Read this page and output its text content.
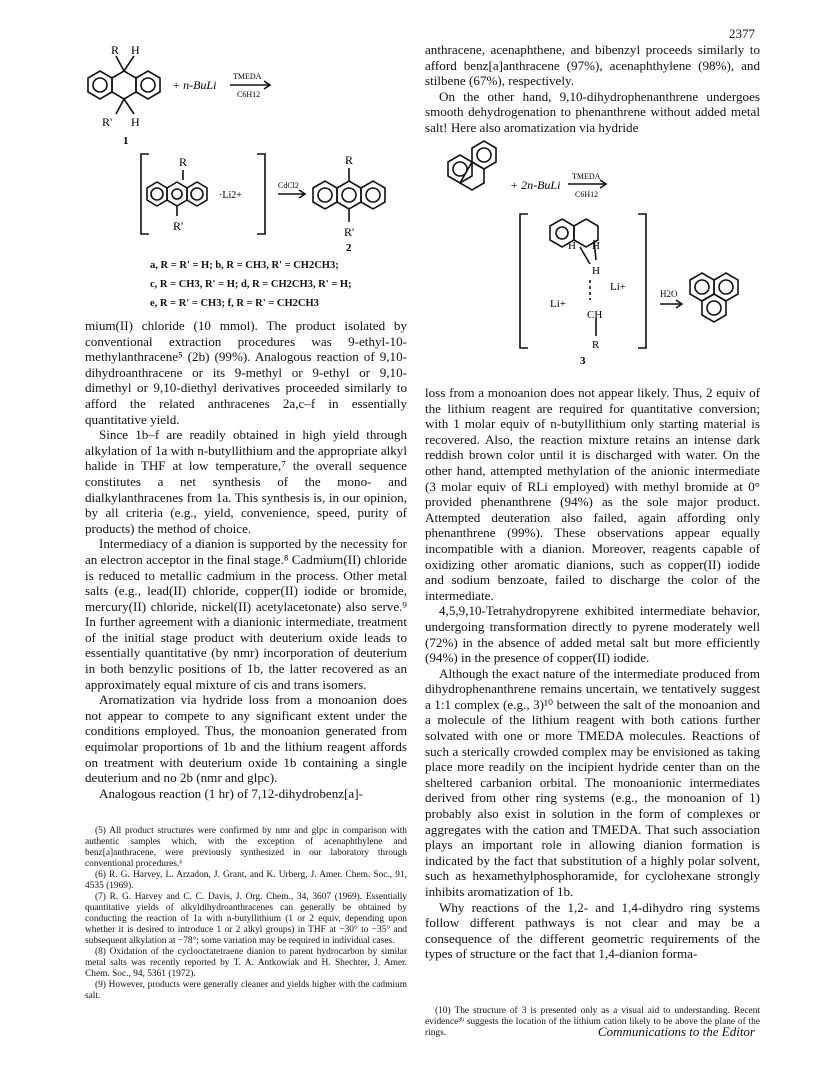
2377
R H
R' H
+ n-BuLi
TMEDA
C6H12
1
R
R'
·Li2+
CdCl2
R
R'
2
a, R = R' = H; b, R = CH3, R' = CH2CH3;
c, R = CH3, R' = H; d, R = CH2CH3, R' = H;
e, R = R' = CH3; f, R = R' = CH2CH3

mium(II) chloride (10 mmol). The product isolated by conventional extraction procedures was 9-ethyl-10-methylanthracene⁵ (2b) (99%). Analogous reaction of 9,10-dihydroanthracene or its 9-methyl or 9-ethyl or 9,10-dimethyl or 9,10-diethyl derivatives proceeded similarly to afford the related anthracenes 2a,c–f in essentially quantitative yield.

Since 1b–f are readily obtained in high yield through alkylation of 1a with n-butyllithium and the appropriate alkyl halide in THF at low temperature,⁷ the overall sequence constitutes a net synthesis of the mono- and dialkylanthracenes from 1a. This synthesis is, in our opinion, by all criteria (e.g., yield, convenience, speed, purity of products) the method of choice.

Intermediacy of a dianion is supported by the necessity for an electron acceptor in the final stage.⁸ Cadmium(II) chloride is reduced to metallic cadmium in the process. Other metal salts (e.g., lead(II) chloride, copper(II) iodide or bromide, mercury(II) chloride, nickel(II) acetylacetonate) also serve.⁹ In further agreement with a dianionic intermediate, treatment of the initial stage product with deuterium oxide leads to essentially quantitative (by nmr) incorporation of deuterium in both benzylic positions of 1b, the latter recovered as an approximately equal mixture of cis and trans isomers.

Aromatization via hydride loss from a monoanion does not appear to compete to any significant extent under the conditions employed. Thus, the monoanion generated from equimolar proportions of 1b and the lithium reagent affords on treatment with deuterium oxide 1b containing a single deuterium and no 2b (nmr and glpc).

Analogous reaction (1 hr) of 7,12-dihydrobenz[a]-

(5) All product structures were confirmed by nmr and glpc in comparison with authentic samples which, with the exception of acenaphthylene and benz[a]anthracene, were previously synthesized in our laboratory through conventional procedures.⁶

(6) R. G. Harvey, L. Arzadon, J. Grant, and K. Urberg, J. Amer. Chem. Soc., 91, 4535 (1969).

(7) R. G. Harvey and C. C. Davis, J. Org. Chem., 34, 3607 (1969). Essentially quantitative yields of alkyldihydroanthracenes can generally be obtained by conducting the reaction of 1a with n-butyllithium (1 or 2 equiv, depending upon whether it is desired to introduce 1 or 2 alkyl groups) in THF at −30° to −35° and subsequent alkylation at −78°; some variation may be required in individual cases.

(8) Oxidation of the cyclooctatetraene dianion to parent hydrocarbon by similar metal salts was recently reported by T. A. Antkowiak and H. Shechter, J. Amer. Chem. Soc., 94, 5361 (1972).

(9) However, products were generally cleaner and yields higher with the cadmium salt.

anthracene, acenaphthene, and bibenzyl proceeds similarly to afford benz[a]anthracene (97%), acenaphthylene (98%), and stilbene (67%), respectively.

On the other hand, 9,10-dihydrophenanthrene undergoes smooth dehydrogenation to phenanthrene without added metal salt! Here also aromatization via hydride

+ 2n-BuLi
TMEDA
C6H12
H H
H
Li+
Li+
CH
R
H2O
3

loss from a monoanion does not appear likely. Thus, 2 equiv of the lithium reagent are required for quantitative conversion; with 1 molar equiv of n-butyllithium only starting material is recovered. Also, the reaction mixture retains an intense dark reddish brown color until it is discharged with water. On the other hand, attempted methylation of the anionic intermediate (3 molar equiv of RLi employed) with methyl bromide at 0° provided phenanthrene (94%) as the sole major product. Attempted deuteration also failed, again affording only phenanthrene (99%). These observations appear equally incompatible with a dianion. Moreover, reagents capable of oxidizing other aromatic dianions, such as copper(II) iodide and sodium benzoate, failed to discharge the color of the intermediate.

4,5,9,10-Tetrahydropyrene exhibited intermediate behavior, undergoing transformation directly to pyrene moderately well (72%) in the absence of added metal salt but more efficiently (94%) in the presence of copper(II) iodide.

Although the exact nature of the intermediate produced from dihydrophenanthrene remains uncertain, we tentatively suggest a 1:1 complex (e.g., 3)¹⁰ between the salt of the monoanion and a molecule of the lithium reagent with both cations further solvated with one or more TMEDA molecules. Reactions of such a sterically crowded complex may be envisioned as taking place more readily on the incipient hydride center than on the sheltered carbanion orbital. The monoanionic intermediates derived from other ring systems (e.g., the monoanion of 1) probably also exist in solution in the form of complexes or aggregates with the cation and TMEDA. That such association plays an important role in allowing dianion formation is indicated by the fact that substitution of a highly polar solvent, such as hexamethylphosphoramide, for cyclohexane strongly inhibits aromatization of 1b.

Why reactions of the 1,2- and 1,4-dihydro ring systems follow different pathways is not clear and may be a consequence of the different geometric requirements of the types of structure or the fact that 1,4-dianion forma-

(10) The structure of 3 is presented only as a visual aid to understanding. Recent evidence³ᵇ suggests the location of the lithium cation likely to be above the plane of the rings.	Communications to the Editor
